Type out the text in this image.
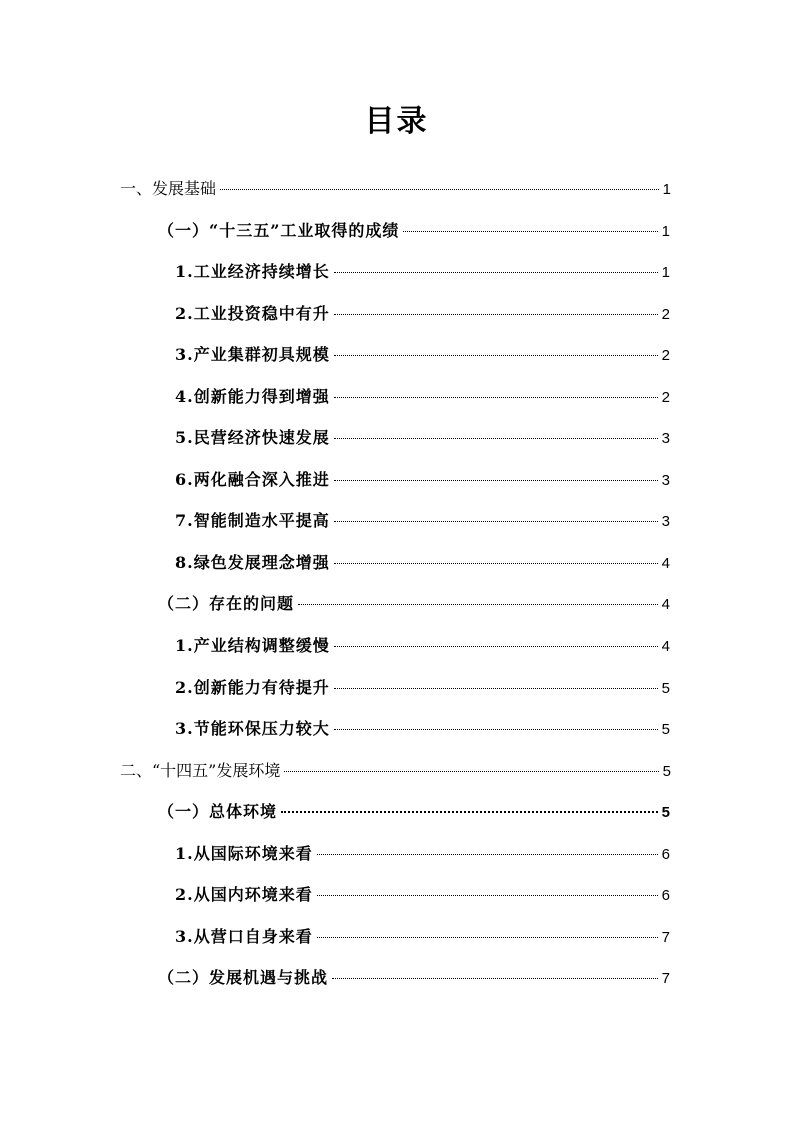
目录
一、发展基础	1
（一）“十三五”工业取得的成绩	1
1.工业经济持续增长	1
2.工业投资稳中有升	2
3.产业集群初具规模	2
4.创新能力得到增强	2
5.民营经济快速发展	3
6.两化融合深入推进	3
7.智能制造水平提高	3
8.绿色发展理念增强	4
（二）存在的问题	4
1.产业结构调整缓慢	4
2.创新能力有待提升	5
3.节能环保压力较大	5
二、“十四五”发展环境	5
（一）总体环境	5
1.从国际环境来看	6
2.从国内环境来看	6
3.从营口自身来看	7
（二）发展机遇与挑战	7
